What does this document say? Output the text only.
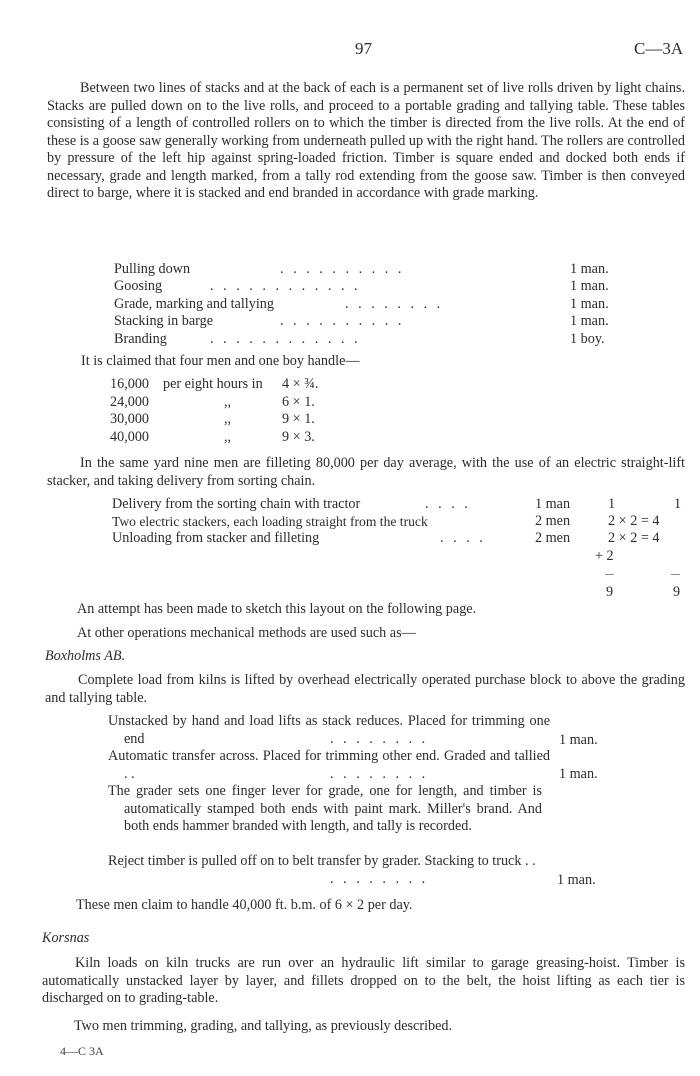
97	C—3A
Between two lines of stacks and at the back of each is a permanent set of live rolls driven by light chains. Stacks are pulled down on to the live rolls, and proceed to a portable grading and tallying table. These tables consisting of a length of controlled rollers on to which the timber is directed from the live rolls. At the end of these is a goose saw generally working from underneath pulled up with the right hand. The rollers are controlled by pressure of the left hip against spring-loaded friction. Timber is square ended and docked both ends if necessary, grade and length marked, from a tally rod extending from the goose saw. Timber is then conveyed direct to barge, where it is stacked and end branded in accordance with grade marking.
Pulling down	. . . . . . . . . .	1 man.
Goosing	. . . . . . . . . . . .	1 man.
Grade, marking and tallying	. . . . . . . .	1 man.
Stacking in barge	. . . . . . . . . .	1 man.
Branding	. . . . . . . . . . . .	1 boy.
It is claimed that four men and one boy handle—
16,000 per eight hours in 4 × ¾.
24,000	,,	6 × 1.
30,000	,,	9 × 1.
40,000	,,	9 × 3.
In the same yard nine men are filleting 80,000 per day average, with the use of an electric straight-lift stacker, and taking delivery from sorting chain.
Delivery from the sorting chain with tractor	. . . .	1 man	1	1
Two electric stackers, each loading straight from the truck	2 men	2 × 2 = 4
Unloading from stacker and filleting	. . . .	2 men	2 × 2 = 4
+ 2
9	9
An attempt has been made to sketch this layout on the following page.
At other operations mechanical methods are used such as—
Boxholms AB.
Complete load from kilns is lifted by overhead electrically operated purchase block to above the grading and tallying table.
Unstacked by hand and load lifts as stack reduces. Placed for trimming one end	. . . . . . . .	1 man.
Automatic transfer across. Placed for trimming other end. Graded and tallied . .	. . . . . . . .	1 man.
The grader sets one finger lever for grade, one for length, and timber is automatically stamped both ends with paint mark. Miller's brand. And both ends hammer branded with length, and tally is recorded.
Reject timber is pulled off on to belt transfer by grader. Stacking to truck . .
. . . . . . . .	1 man.
These men claim to handle 40,000 ft. b.m. of 6 × 2 per day.
Korsnas
Kiln loads on kiln trucks are run over an hydraulic lift similar to garage greasing-hoist. Timber is automatically unstacked layer by layer, and fillets dropped on to the belt, the hoist lifting as each tier is discharged on to grading-table.
Two men trimming, grading, and tallying, as previously described.
4—C 3A
